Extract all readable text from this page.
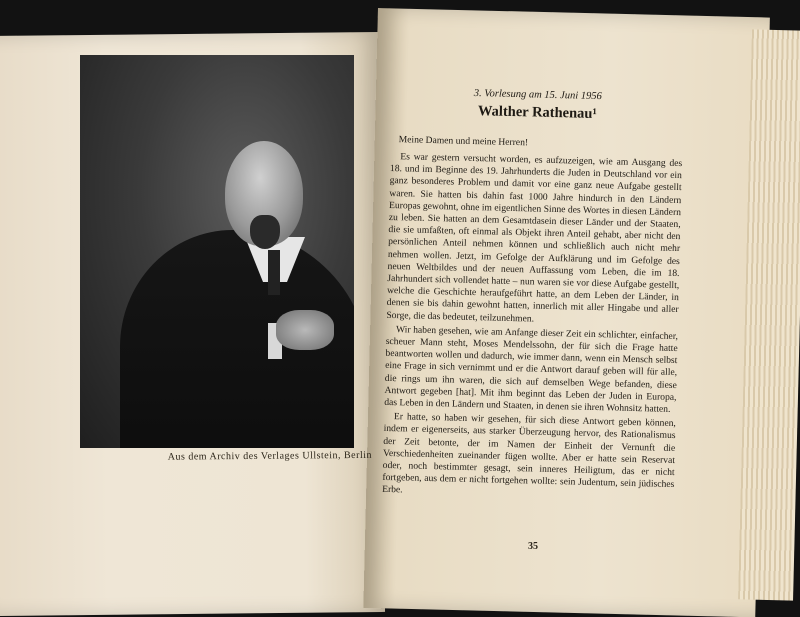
Aus dem Archiv des Verlages Ullstein, Berlin

3. Vorlesung am 15. Juni 1956

Walther Rathenau¹

Meine Damen und meine Herren!

Es war gestern versucht worden, es aufzuzeigen, wie am Ausgang des 18. und im Beginne des 19. Jahrhunderts die Juden in Deutschland vor ein ganz besonderes Problem und damit vor eine ganz neue Aufgabe gestellt waren. Sie hatten bis dahin fast 1000 Jahre hindurch in den Ländern Europas gewohnt, ohne im eigentlichen Sinne des Wortes in diesen Ländern zu leben. Sie hatten an dem Gesamtdasein dieser Länder und der Staaten, die sie umfaßten, oft einmal als Objekt ihren Anteil gehabt, aber nicht den persönlichen Anteil nehmen können und schließlich auch nicht mehr nehmen wollen. Jetzt, im Gefolge der Aufklärung und im Gefolge des neuen Weltbildes und der neuen Auffassung vom Leben, die im 18. Jahrhundert sich vollendet hatte – nun waren sie vor diese Aufgabe gestellt, welche die Geschichte heraufgeführt hatte, an dem Leben der Länder, in denen sie bis dahin gewohnt hatten, innerlich mit aller Hingabe und aller Sorge, die das bedeutet, teilzunehmen.

Wir haben gesehen, wie am Anfange dieser Zeit ein schlichter, einfacher, scheuer Mann steht, Moses Mendelssohn, der für sich die Frage hatte beantworten wollen und dadurch, wie immer dann, wenn ein Mensch selbst eine Frage in sich vernimmt und er die Antwort darauf geben will für alle, die rings um ihn waren, die sich auf demselben Wege befanden, diese Antwort gegeben [hat]. Mit ihm beginnt das Leben der Juden in Europa, das Leben in den Ländern und Staaten, in denen sie ihren Wohnsitz hatten.

Er hatte, so haben wir gesehen, für sich diese Antwort geben können, indem er eigenerseits, aus starker Überzeugung hervor, des Rationalismus der Zeit betonte, der im Namen der Einheit der Vernunft die Verschiedenheiten zueinander fügen wollte. Aber er hatte sein Reservat oder, noch bestimmter gesagt, sein inneres Heiligtum, das er nicht fortgeben, aus dem er nicht fortgehen wollte: sein Judentum, sein jüdisches Erbe.

35
